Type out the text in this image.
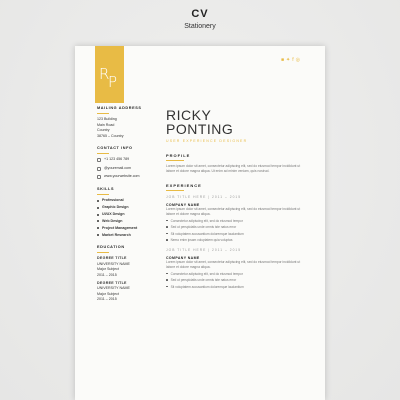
CV
Stationery
R
P
■✦f◎
MAILING ADDRESS
123 Building
Main Road
Country
38765 – Country
CONTACT INFO
+1 123 456 789
@youremail.com
www.yourwebsite.com
SKILLS
Professional
Graphic Design
UI/UX Design
Web Design
Project Management
Market Research
EDUCATION
DEGREE TITLE
UNIVERSITY NAME
Major Subject
2011 – 2015
DEGREE TITLE
UNIVERSITY NAME
Major Subject
2011 – 2015
RICKY
PONTING
USER EXPERIENCE DESIGNER
PROFILE
Lorem ipsum dolor sit amet, consectetur adipiscing elit, sed do eiusmod tempor incididunt ut labore et dolore magna aliqua. Ut enim ad minim veniam, quis nostrud.
EXPERIENCE
JOB TITLE HERE | 2011 – 2015
COMPANY NAME
Lorem ipsum dolor sit amet, consectetur adipiscing elit, sed do eiusmod tempor incididunt ut labore et dolore magna aliqua.
Consectetur adipiscing elit, sed do eiusmod tempor
Sed ut perspiciatis unde omnis iste natus error
Sit voluptatem accusantium doloremque laudantium
Nemo enim ipsam voluptatem quia voluptas
JOB TITLE HERE | 2011 – 2015
COMPANY NAME
Lorem ipsum dolor sit amet, consectetur adipiscing elit, sed do eiusmod tempor incididunt ut labore et dolore magna aliqua.
Consectetur adipiscing elit, sed do eiusmod tempor
Sed ut perspiciatis unde omnis iste natus error
Sit voluptatem accusantium doloremque laudantium
